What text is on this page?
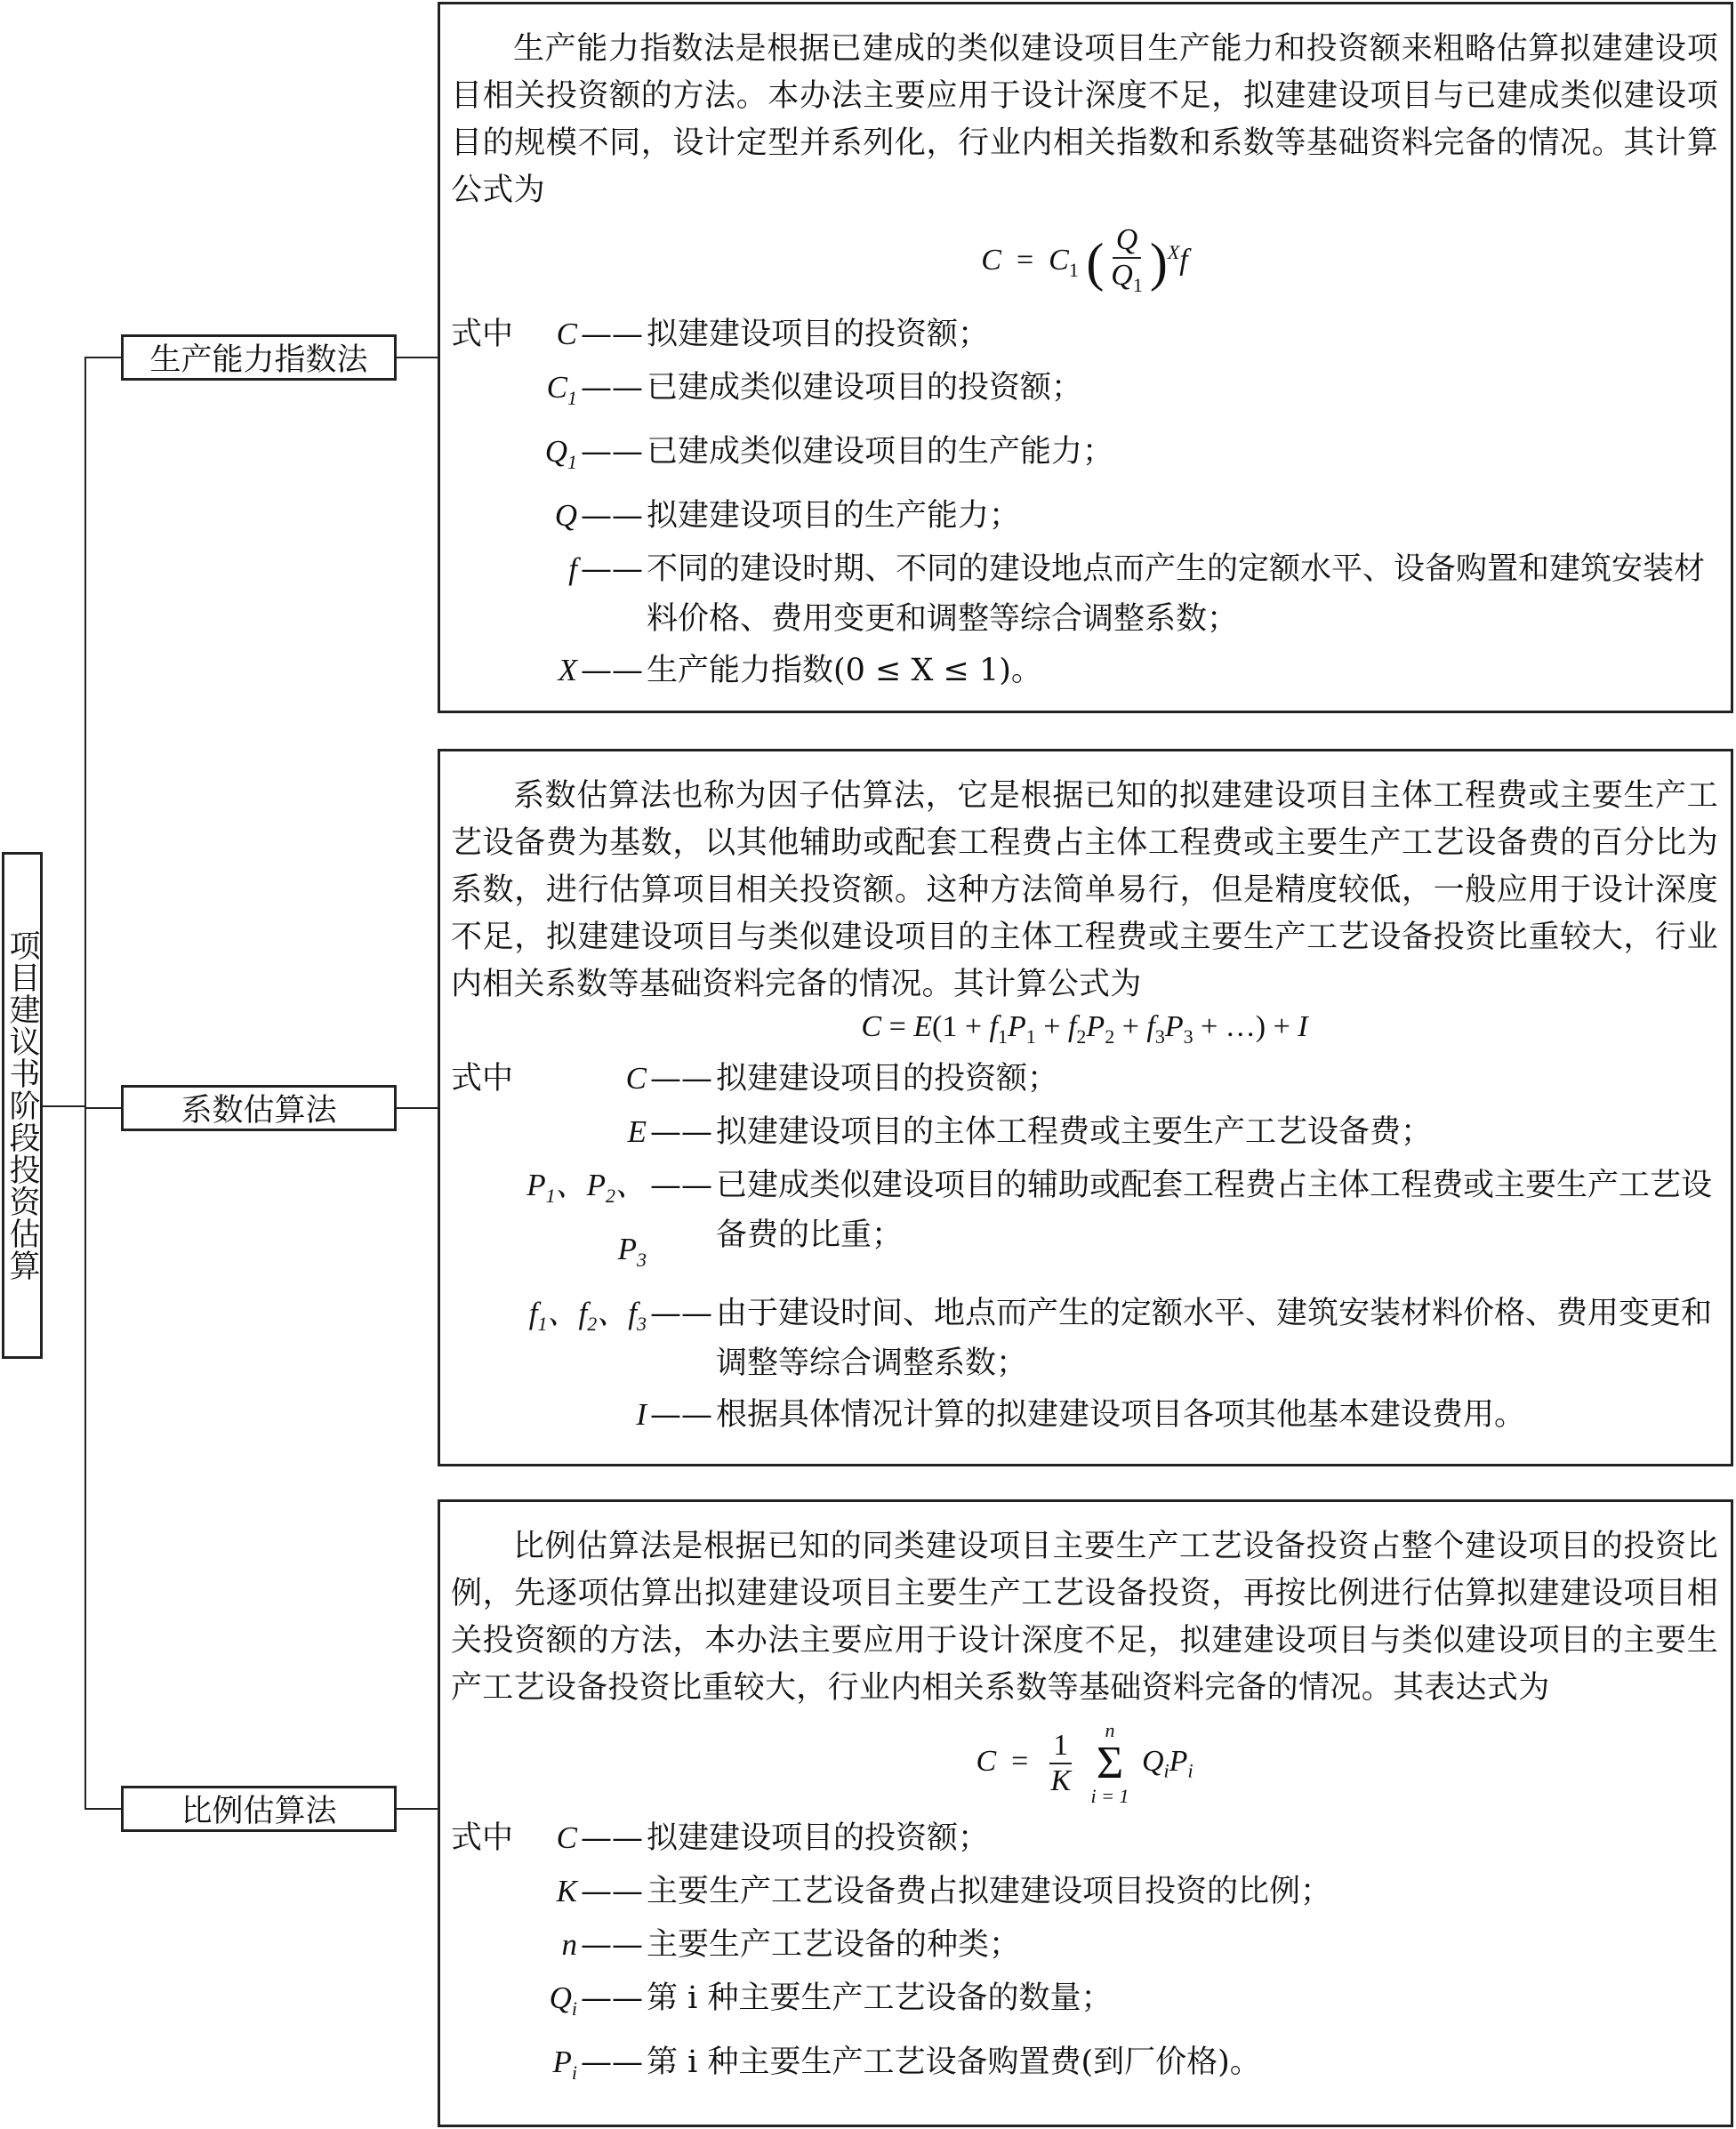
项目建议书阶段投资估算
生产能力指数法
系数估算法
比例估算法

生产能力指数法是根据已建成的类似建设项目生产能力和投资额来粗略估算拟建建设项目相关投资额的方法。本办法主要应用于设计深度不足，拟建建设项目与已建成类似建设项目的规模不同，设计定型并系列化，行业内相关指数和系数等基础资料完备的情况。其计算公式为

$C = C_1$ ( $\frac{Q}{Q_1} )^Xf$
式中	C —— 拟建建设项目的投资额；
$C_1$ —— 已建成类似建设项目的投资额；
$Q_1$ —— 已建成类似建设项目的生产能力；
Q —— 拟建建设项目的生产能力；
f —— 不同的建设时期、不同的建设地点而产生的定额水平、设备购置和建筑安装材料价格、费用变更和调整等综合调整系数；
X —— 生产能力指数(0 ≤ X ≤ 1)。

系数估算法也称为因子估算法，它是根据已知的拟建建设项目主体工程费或主要生产工艺设备费为基数，以其他辅助或配套工程费占主体工程费或主要生产工艺设备费的百分比为系数，进行估算项目相关投资额。这种方法简单易行，但是精度较低，一般应用于设计深度不足，拟建建设项目与类似建设项目的主体工程费或主要生产工艺设备投资比重较大，行业内相关系数等基础资料完备的情况。其计算公式为

$C = E(1 + f_1P_1 + f_2P_2 + f_3P_3$ + …) + I
式中	C —— 拟建建设项目的投资额；
E —— 拟建建设项目的主体工程费或主要生产工艺设备费；
$P_1$、$P_2$、$P_3$
—— 已建成类似建设项目的辅助或配套工程费占主体工程费或主要生产工艺设备费的比重；
$f_1$、$f_2$、$f_3$ —— 由于建设时间、地点而产生的定额水平、建筑安装材料价格、费用变更和调整等综合调整系数；
I —— 根据具体情况计算的拟建建设项目各项其他基本建设费用。

比例估算法是根据已知的同类建设项目主要生产工艺设备投资占整个建设项目的投资比例，先逐项估算出拟建建设项目主要生产工艺设备投资，再按比例进行估算拟建建设项目相关投资额的方法，本办法主要应用于设计深度不足，拟建建设项目与类似建设项目的主要生产工艺设备投资比重较大，行业内相关系数等基础资料完备的情况。其表达式为

$C = \frac{1}{K}$
n
Σ
i = 1
$Q_iP_i$
式中	C —— 拟建建设项目的投资额；
K —— 主要生产工艺设备费占拟建建设项目投资的比例；
n —— 主要生产工艺设备的种类；
$Q_i$ —— 第 i 种主要生产工艺设备的数量；
$P_i$ —— 第 i 种主要生产工艺设备购置费(到厂价格)。
